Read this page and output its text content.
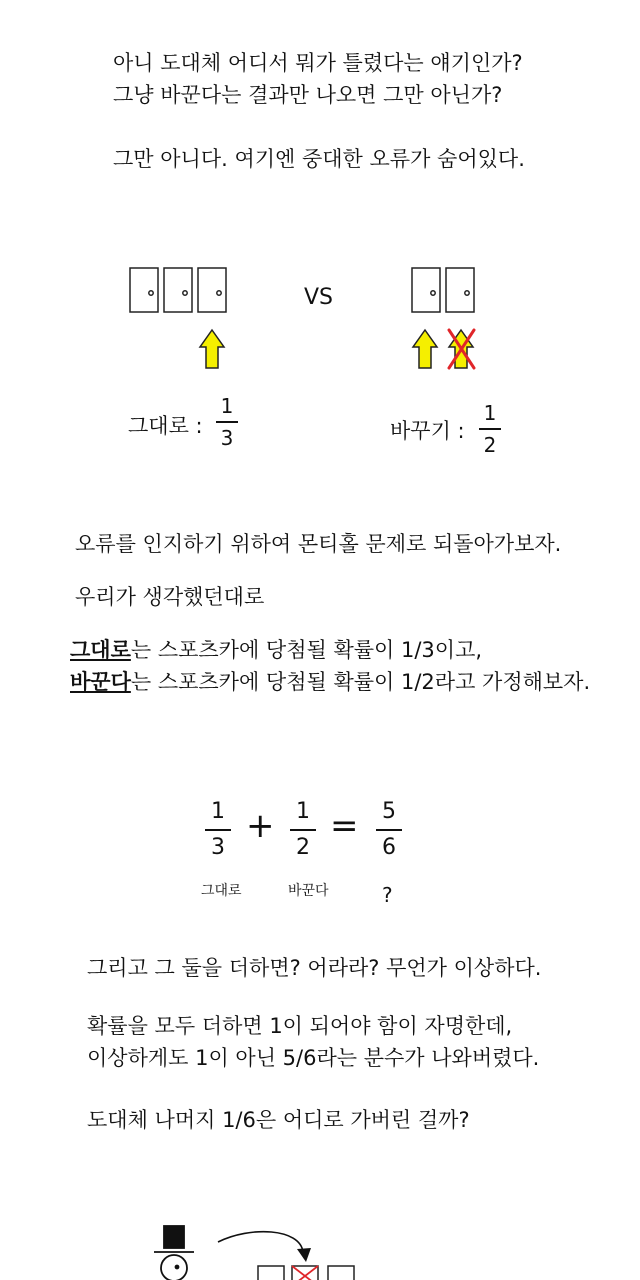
아니 도대체 어디서 뭐가 틀렸다는 얘기인가?
그냥 바꾼다는 결과만 나오면 그만 아닌가?
그만 아니다. 여기엔 중대한 오류가 숨어있다.
VS
그대로 :
1
3	바꾸기 :
1
2
오류를 인지하기 위하여 몬티홀 문제로 되돌아가보자.
우리가 생각했던대로
그대로는 스포츠카에 당첨될 확률이 1/3이고,
바꾼다는 스포츠카에 당첨될 확률이 1/2라고 가정해보자.
1
3
+ 1
2
= 5
6
그대로	바꾼다	?
그리고 그 둘을 더하면? 어라라? 무언가 이상하다.
확률을 모두 더하면 1이 되어야 함이 자명한데,
이상하게도 1이 아닌 5/6라는 분수가 나와버렸다.
도대체 나머지 1/6은 어디로 가버린 걸까?
